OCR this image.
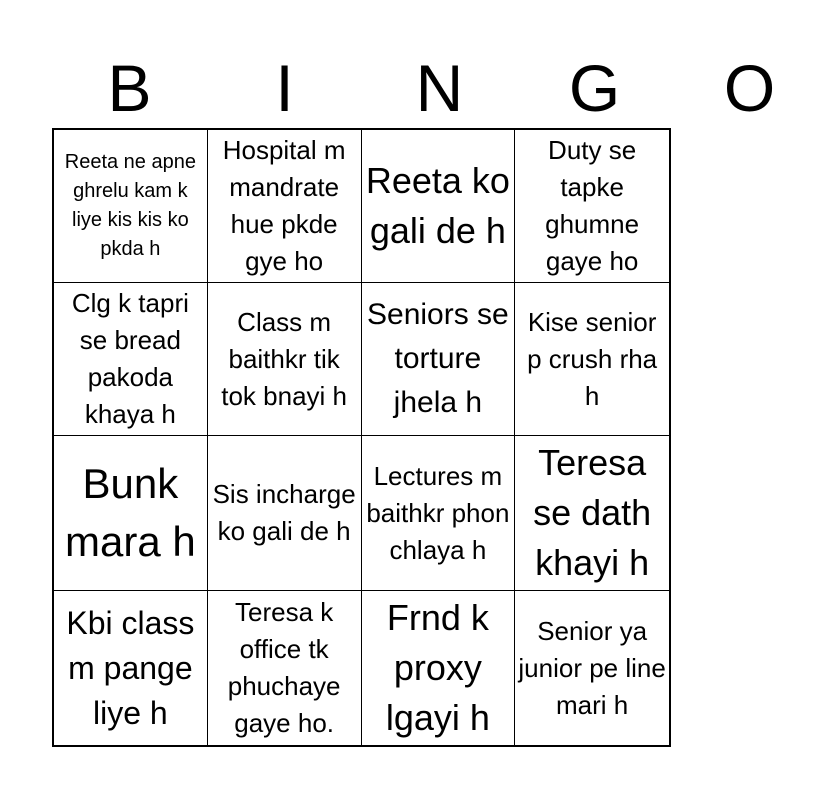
B	I	N	G	O
Reeta ne apne ghrelu kam k liye kis kis ko pkda h
Hospital m mandrate hue pkde gye ho
Reeta ko gali de h
Duty se tapke ghumne gaye ho
Clg k tapri se bread pakoda khaya h
Class m baithkr tik tok bnayi h
Seniors se torture jhela h
Kise senior p crush rha h
Bunk mara h
Sis incharge ko gali de h
Lectures m baithkr phon chlaya h
Teresa se dath khayi h
Kbi class m pange liye h
Teresa k office tk phuchaye gaye ho.
Frnd k proxy lgayi h
Senior ya junior pe line mari h
